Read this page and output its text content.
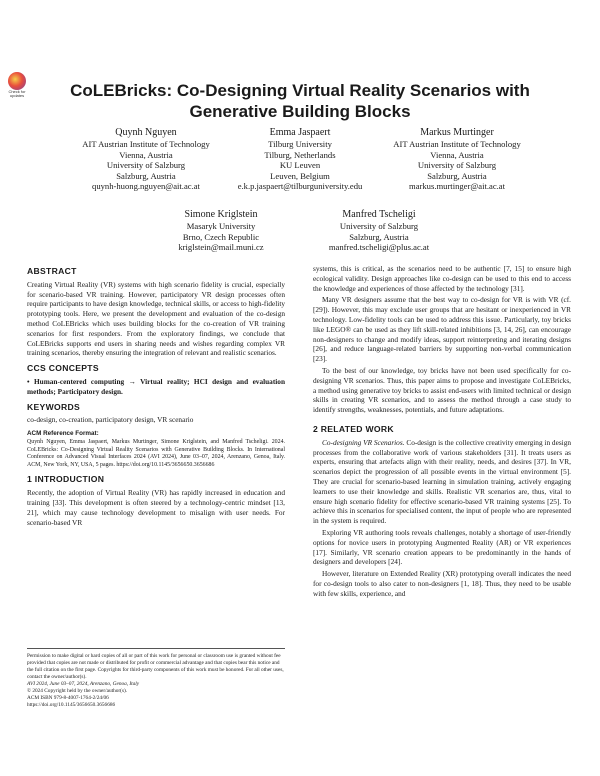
Check for updates	CoLEBricks: Co-Designing Virtual Reality Scenarios with
Generative Building Blocks
Quynh Nguyen
AIT Austrian Institute of Technology
Vienna, Austria
University of Salzburg
Salzburg, Austria
quynh-huong.nguyen@ait.ac.at
Emma Jaspaert
Tilburg University
Tilburg, Netherlands
KU Leuven
Leuven, Belgium
e.k.p.jaspaert@tilburguniversity.edu
Markus Murtinger
AIT Austrian Institute of Technology
Vienna, Austria
University of Salzburg
Salzburg, Austria
markus.murtinger@ait.ac.at
Simone Kriglstein
Masaryk University
Brno, Czech Republic
kriglstein@mail.muni.cz
Manfred Tscheligi
University of Salzburg
Salzburg, Austria
manfred.tscheligi@plus.ac.at
ABSTRACT

Creating Virtual Reality (VR) systems with high scenario fidelity is crucial, especially for scenario-based VR training. However, participatory VR design processes often require participants to have design knowledge, technical skills, or access to high-fidelity prototyping tools. Here, we present the development and evaluation of the co-design method CoLEBricks which uses building blocks for the co-creation of VR training scenarios for first responders. From the exploratory findings, we conclude that CoLEBricks supports end users in sharing needs and wishes regarding complex VR training scenarios, thereby ensuring the integration of relevant and realistic scenarios.

CCS CONCEPTS

• Human-centered computing → Virtual reality; HCI design and evaluation methods; Participatory design.

KEYWORDS

co-design, co-creation, participatory design, VR scenario

ACM Reference Format:

Quynh Nguyen, Emma Jaspaert, Markus Murtinger, Simone Kriglstein, and Manfred Tscheligi. 2024. CoLEBricks: Co-Designing Virtual Reality Scenarios with Generative Building Blocks. In International Conference on Advanced Visual Interfaces 2024 (AVI 2024), June 03–07, 2024, Arenzano, Genoa, Italy. ACM, New York, NY, USA, 5 pages. https://doi.org/10.1145/3656650.3656686

1 INTRODUCTION

Recently, the adoption of Virtual Reality (VR) has rapidly increased in education and training [33]. This development is often steered by a technology-centric mindset [13, 21], which may cause technology development to misalign with user needs. For scenario-based VR

Permission to make digital or hard copies of all or part of this work for personal or classroom use is granted without fee provided that copies are not made or distributed for profit or commercial advantage and that copies bear this notice and the full citation on the first page. Copyrights for third-party components of this work must be honored. For all other uses, contact the owner/author(s).
AVI 2024, June 03–07, 2024, Arenzano, Genoa, Italy
© 2024 Copyright held by the owner/author(s).
ACM ISBN 979-8-4007-1764-2/24/06
https://doi.org/10.1145/3656650.3656686

systems, this is critical, as the scenarios need to be authentic [7, 15] to ensure high ecological validity. Design approaches like co-design can be used to this end to access the knowledge and experiences of those affected by the technology [31].

Many VR designers assume that the best way to co-design for VR is with VR (cf. [29]). However, this may exclude user groups that are hesitant or inexperienced in VR technology. Low-fidelity tools can be used to address this issue. Particularly, toy bricks like LEGO® can be used as they lift skill-related inhibitions [3, 14, 26], can encourage non-designers to change and modify ideas, support reinterpreting and iterating designs [26], and reduce language-related barriers by supporting non-verbal communication [23].

To the best of our knowledge, toy bricks have not been used specifically for co-designing VR scenarios. Thus, this paper aims to propose and investigate CoLEBricks, a method using generative toy bricks to assist end-users with limited technical or design skills in creating VR scenarios, and to assess the method through a case study to identify strengths, weaknesses, potentials, and future adaptations.

2 RELATED WORK

Co-designing VR Scenarios. Co-design is the collective creativity emerging in design processes from the collaborative work of various stakeholders [31]. It treats users as experts, ensuring that artefacts align with their reality, needs, and desires [37]. In VR, scenarios depict the progression of all possible events in the virtual environment [5]. They are crucial for scenario-based learning in simulation training, actively engaging learners to use their knowledge and skills. Realistic VR scenarios are, thus, vital to ensure high scenario fidelity for effective scenario-based VR training systems [25]. To achieve this in scenarios for specialised content, the input of people who are represented in the system is required.

Exploring VR authoring tools reveals challenges, notably a shortage of user-friendly options for novice users in prototyping Augmented Reality (AR) or VR experiences [17]. Similarly, VR scenario creation appears to be predominantly in the hands of designers and developers [24].

However, literature on Extended Reality (XR) prototyping overall indicates the need for co-design tools to also cater to non-designers [1, 18]. Thus, they need to be usable with few skills, experience, and
